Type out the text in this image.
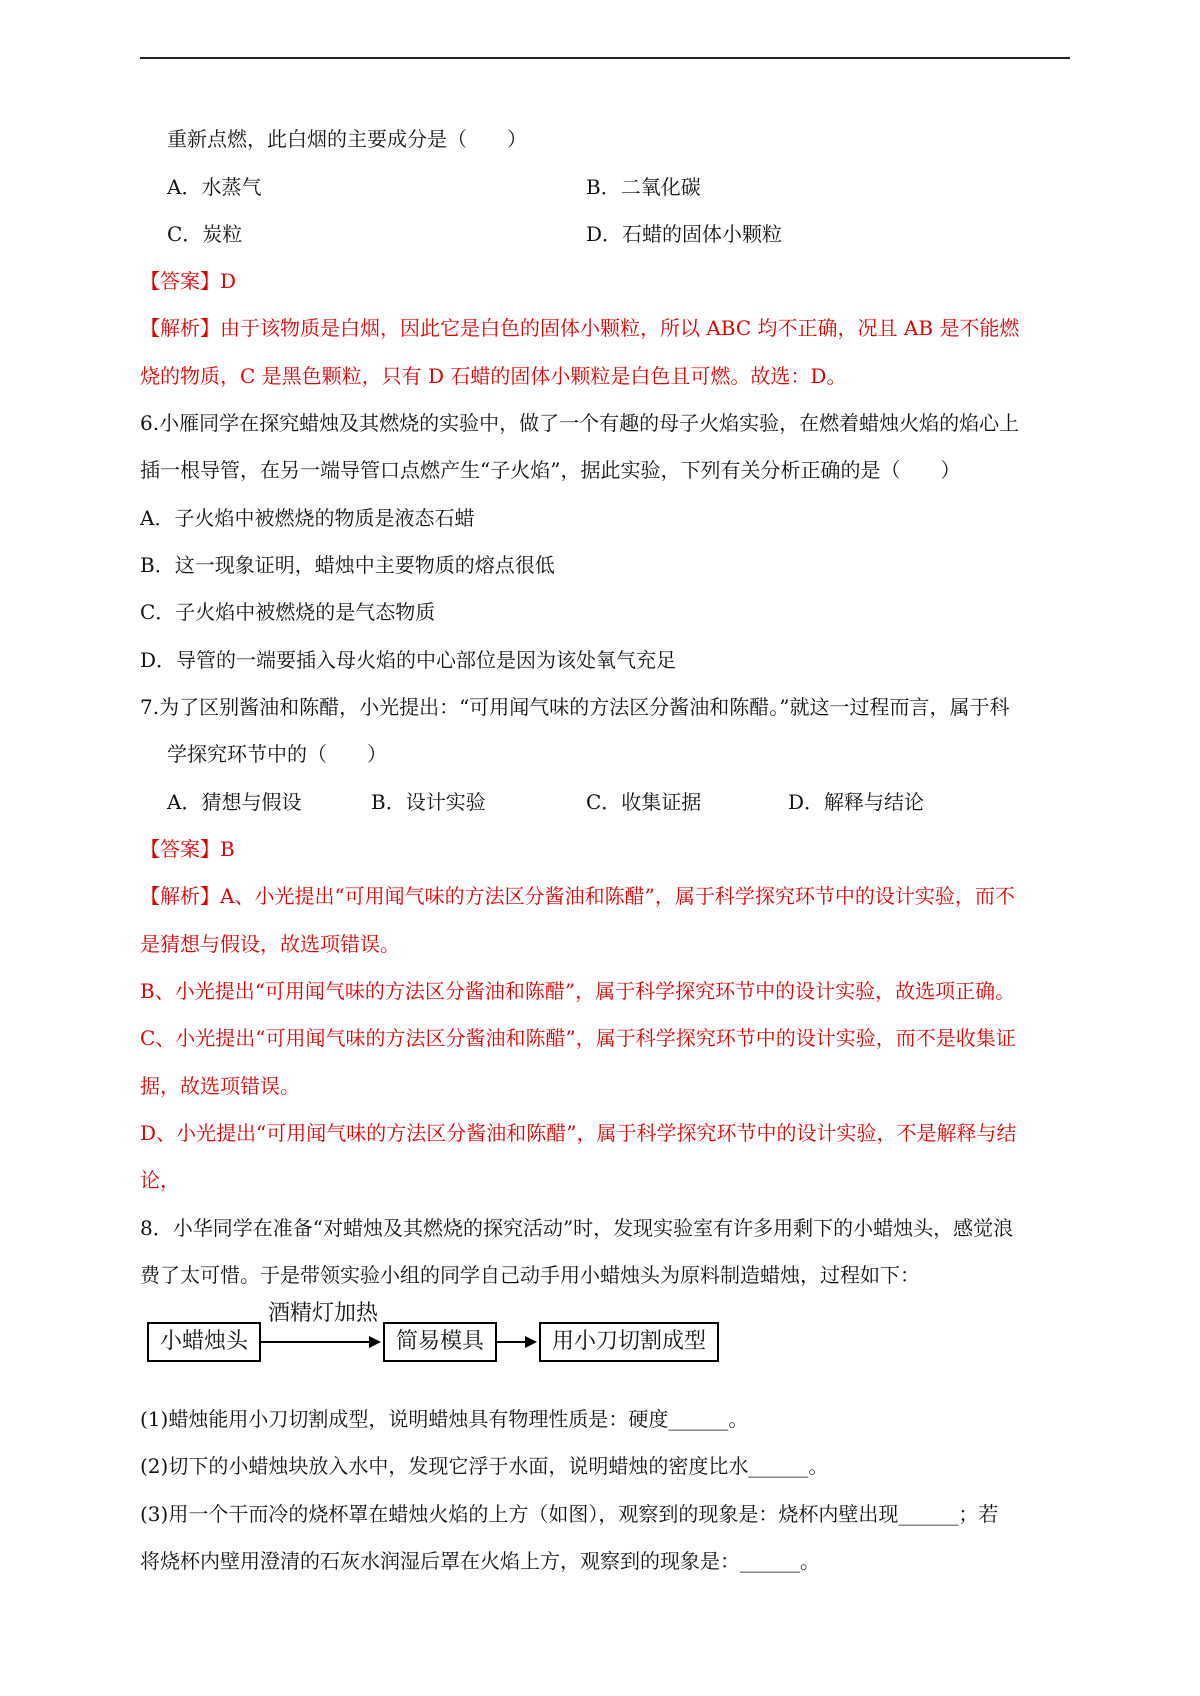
重新点燃，此白烟的主要成分是（　　）
A．水蒸气	B．二氧化碳
C．炭粒	D．石蜡的固体小颗粒
【答案】D
【解析】由于该物质是白烟，因此它是白色的固体小颗粒，所以 ABC 均不正确，况且 AB 是不能燃
烧的物质，C 是黑色颗粒，只有 D 石蜡的固体小颗粒是白色且可燃。故选：D。
6.小雁同学在探究蜡烛及其燃烧的实验中，做了一个有趣的母子火焰实验，在燃着蜡烛火焰的焰心上
插一根导管，在另一端导管口点燃产生“子火焰”，据此实验，下列有关分析正确的是（　　）
A．子火焰中被燃烧的物质是液态石蜡
B．这一现象证明，蜡烛中主要物质的熔点很低
C．子火焰中被燃烧的是气态物质
D．导管的一端要插入母火焰的中心部位是因为该处氧气充足
7.为了区别酱油和陈醋，小光提出：“可用闻气味的方法区分酱油和陈醋。”就这一过程而言，属于科
学探究环节中的（　　）
A．猜想与假设	B．设计实验	C．收集证据	D．解释与结论
【答案】B
【解析】A、小光提出“可用闻气味的方法区分酱油和陈醋”，属于科学探究环节中的设计实验，而不
是猜想与假设，故选项错误。
B、小光提出“可用闻气味的方法区分酱油和陈醋”，属于科学探究环节中的设计实验，故选项正确。
C、小光提出“可用闻气味的方法区分酱油和陈醋”，属于科学探究环节中的设计实验，而不是收集证
据，故选项错误。
D、小光提出“可用闻气味的方法区分酱油和陈醋”，属于科学探究环节中的设计实验，不是解释与结
论，
8．小华同学在准备“对蜡烛及其燃烧的探究活动”时，发现实验室有许多用剩下的小蜡烛头，感觉浪
费了太可惜。于是带领实验小组的同学自己动手用小蜡烛头为原料制造蜡烛，过程如下：
小蜡烛头
酒精灯加热
简易模具	用小刀切割成型
(1)蜡烛能用小刀切割成型，说明蜡烛具有物理性质是：硬度______。
(2)切下的小蜡烛块放入水中，发现它浮于水面，说明蜡烛的密度比水______。
(3)用一个干而冷的烧杯罩在蜡烛火焰的上方（如图），观察到的现象是：烧杯内壁出现______；若
将烧杯内壁用澄清的石灰水润湿后罩在火焰上方，观察到的现象是：______。
